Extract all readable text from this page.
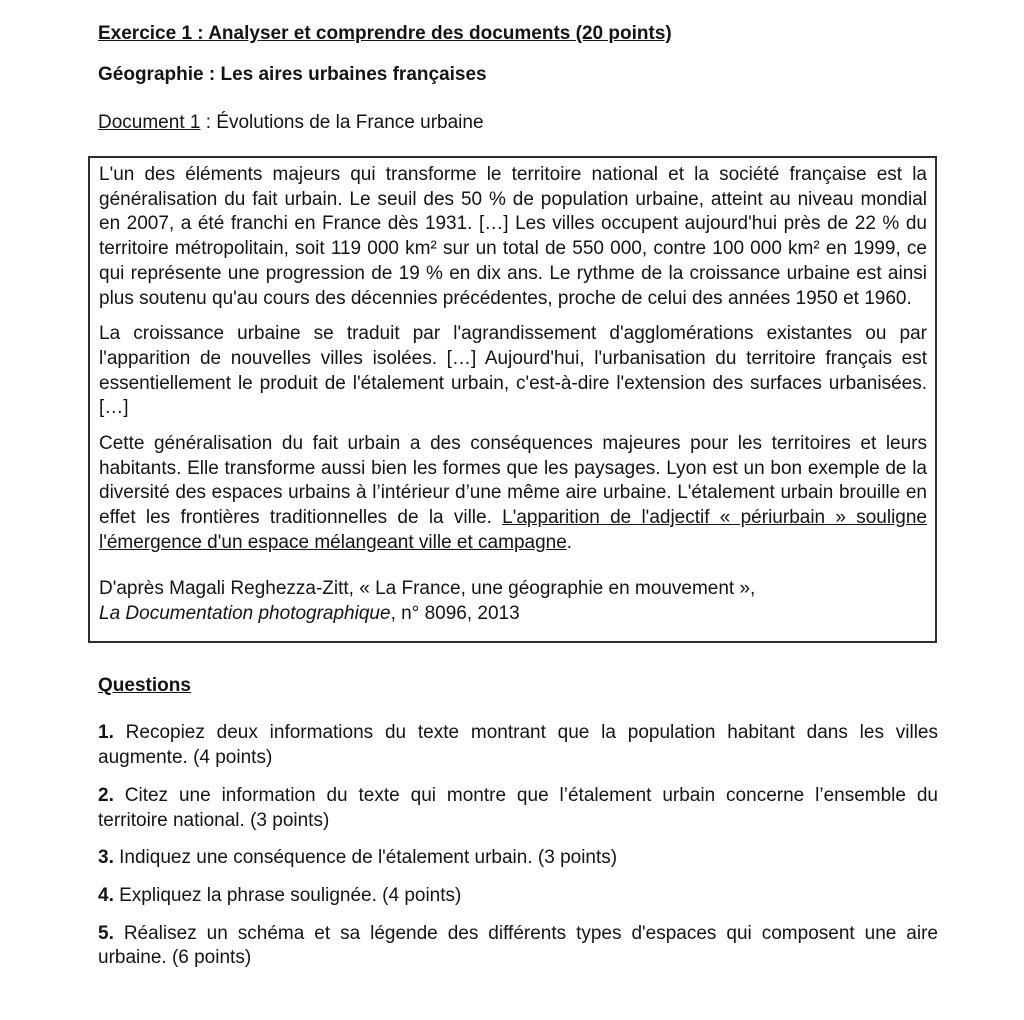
Exercice 1 : Analyser et comprendre des documents (20 points)
Géographie : Les aires urbaines françaises
Document 1 : Évolutions de la France urbaine

L'un des éléments majeurs qui transforme le territoire national et la société française est la généralisation du fait urbain. Le seuil des 50 % de population urbaine, atteint au niveau mondial en 2007, a été franchi en France dès 1931. […] Les villes occupent aujourd'hui près de 22 % du territoire métropolitain, soit 119 000 km² sur un total de 550 000, contre 100 000 km² en 1999, ce qui représente une progression de 19 % en dix ans. Le rythme de la croissance urbaine est ainsi plus soutenu qu'au cours des décennies précédentes, proche de celui des années 1950 et 1960.

La croissance urbaine se traduit par l'agrandissement d'agglomérations existantes ou par l'apparition de nouvelles villes isolées. […] Aujourd'hui, l'urbanisation du territoire français est essentiellement le produit de l'étalement urbain, c'est-à-dire l'extension des surfaces urbanisées. […]

Cette généralisation du fait urbain a des conséquences majeures pour les territoires et leurs habitants. Elle transforme aussi bien les formes que les paysages. Lyon est un bon exemple de la diversité des espaces urbains à l’intérieur d’une même aire urbaine. L'étalement urbain brouille en effet les frontières traditionnelles de la ville. L'apparition de l'adjectif « périurbain » souligne l'émergence d'un espace mélangeant ville et campagne.

D'après Magali Reghezza-Zitt, « La France, une géographie en mouvement »,
La Documentation photographique, n° 8096, 2013

Questions

1. Recopiez deux informations du texte montrant que la population habitant dans les villes augmente. (4 points)

2. Citez une information du texte qui montre que l’étalement urbain concerne l’ensemble du territoire national. (3 points)

3. Indiquez une conséquence de l'étalement urbain. (3 points)

4. Expliquez la phrase soulignée. (4 points)

5. Réalisez un schéma et sa légende des différents types d'espaces qui composent une aire urbaine. (6 points)
